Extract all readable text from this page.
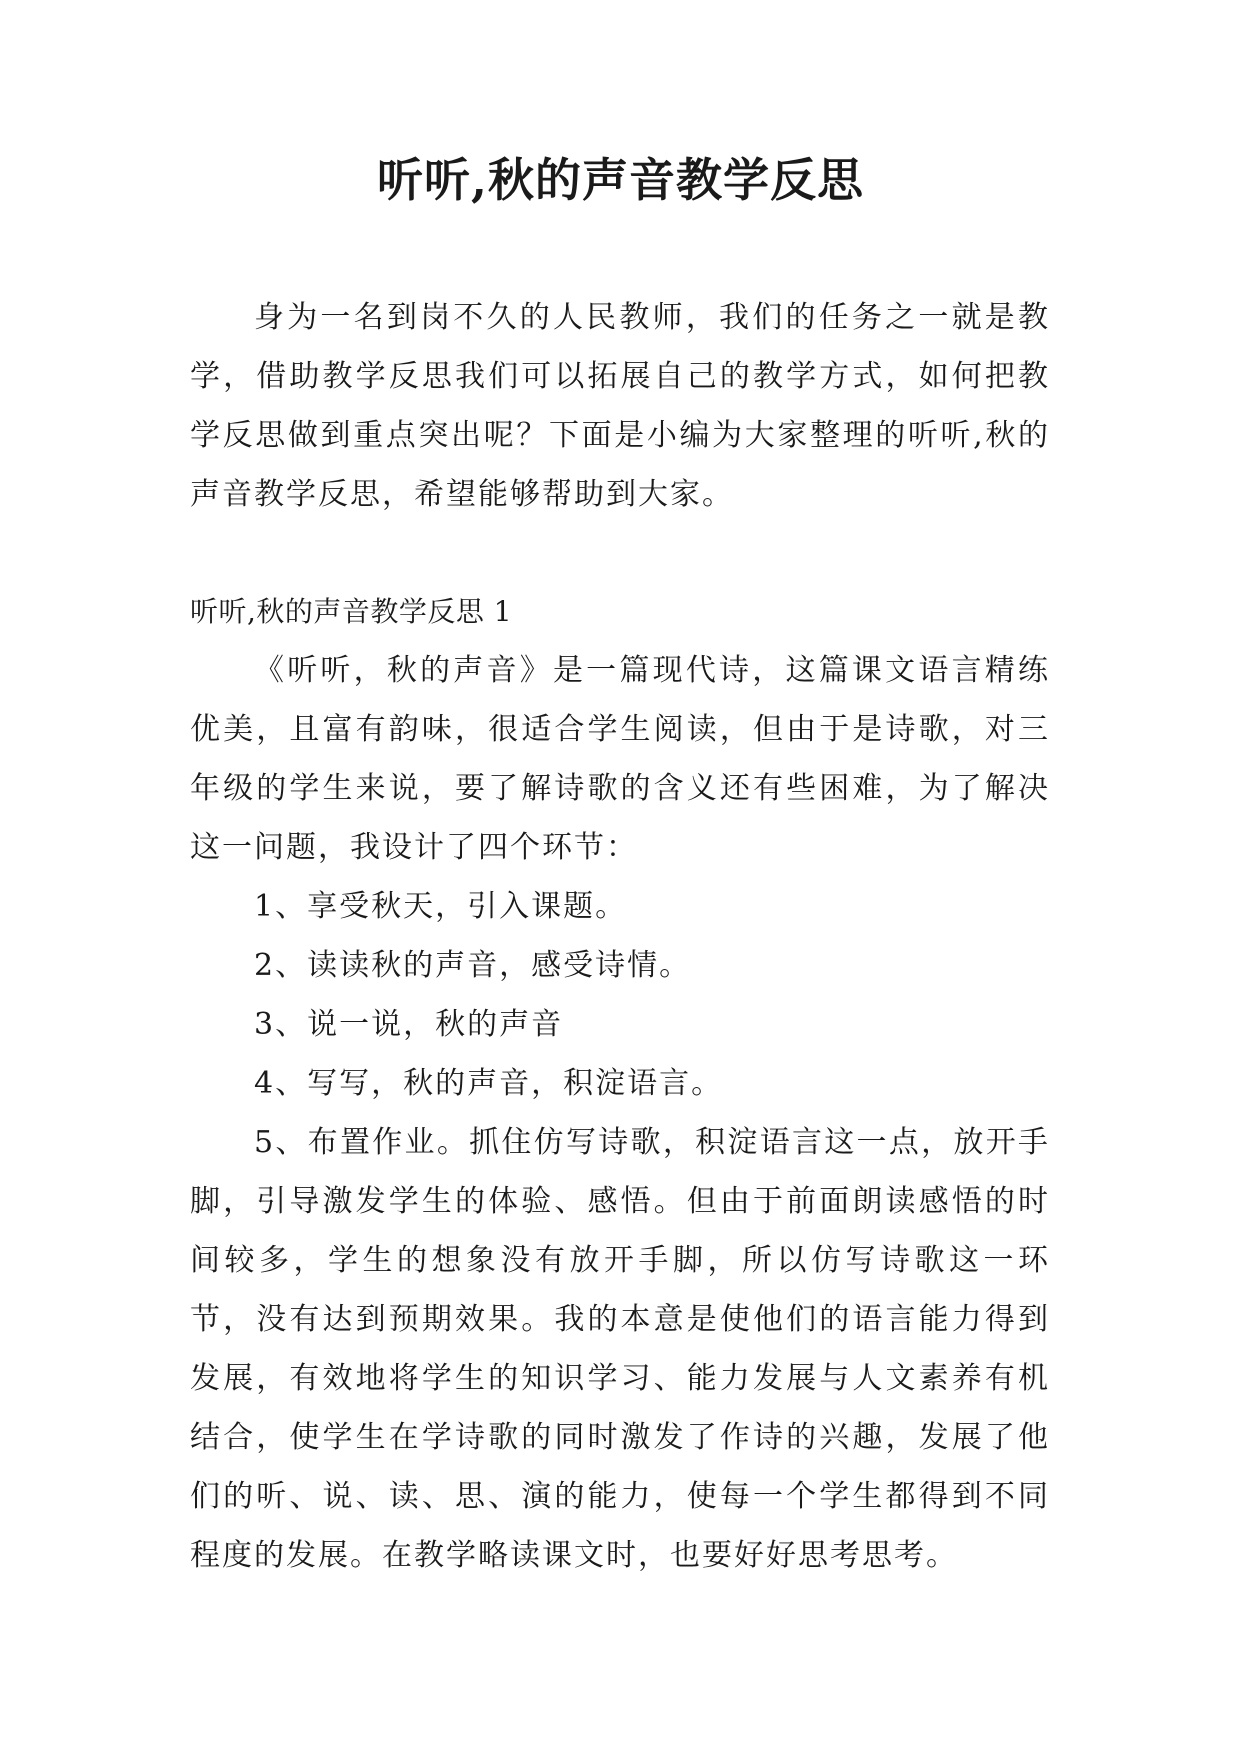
听听,秋的声音教学反思

身为一名到岗不久的人民教师，我们的任务之一就是教学，借助教学反思我们可以拓展自己的教学方式，如何把教学反思做到重点突出呢？下面是小编为大家整理的听听,秋的声音教学反思，希望能够帮助到大家。

听听,秋的声音教学反思 1

《听听，秋的声音》是一篇现代诗，这篇课文语言精练优美，且富有韵味，很适合学生阅读，但由于是诗歌，对三年级的学生来说，要了解诗歌的含义还有些困难，为了解决这一问题，我设计了四个环节：

1、享受秋天，引入课题。

2、读读秋的声音，感受诗情。

3、说一说，秋的声音

4、写写，秋的声音，积淀语言。

5、布置作业。抓住仿写诗歌，积淀语言这一点，放开手脚，引导激发学生的体验、感悟。但由于前面朗读感悟的时间较多，学生的想象没有放开手脚，所以仿写诗歌这一环节，没有达到预期效果。我的本意是使他们的语言能力得到发展，有效地将学生的知识学习、能力发展与人文素养有机结合，使学生在学诗歌的同时激发了作诗的兴趣，发展了他们的听、说、读、思、演的能力，使每一个学生都得到不同程度的发展。在教学略读课文时，也要好好思考思考。
